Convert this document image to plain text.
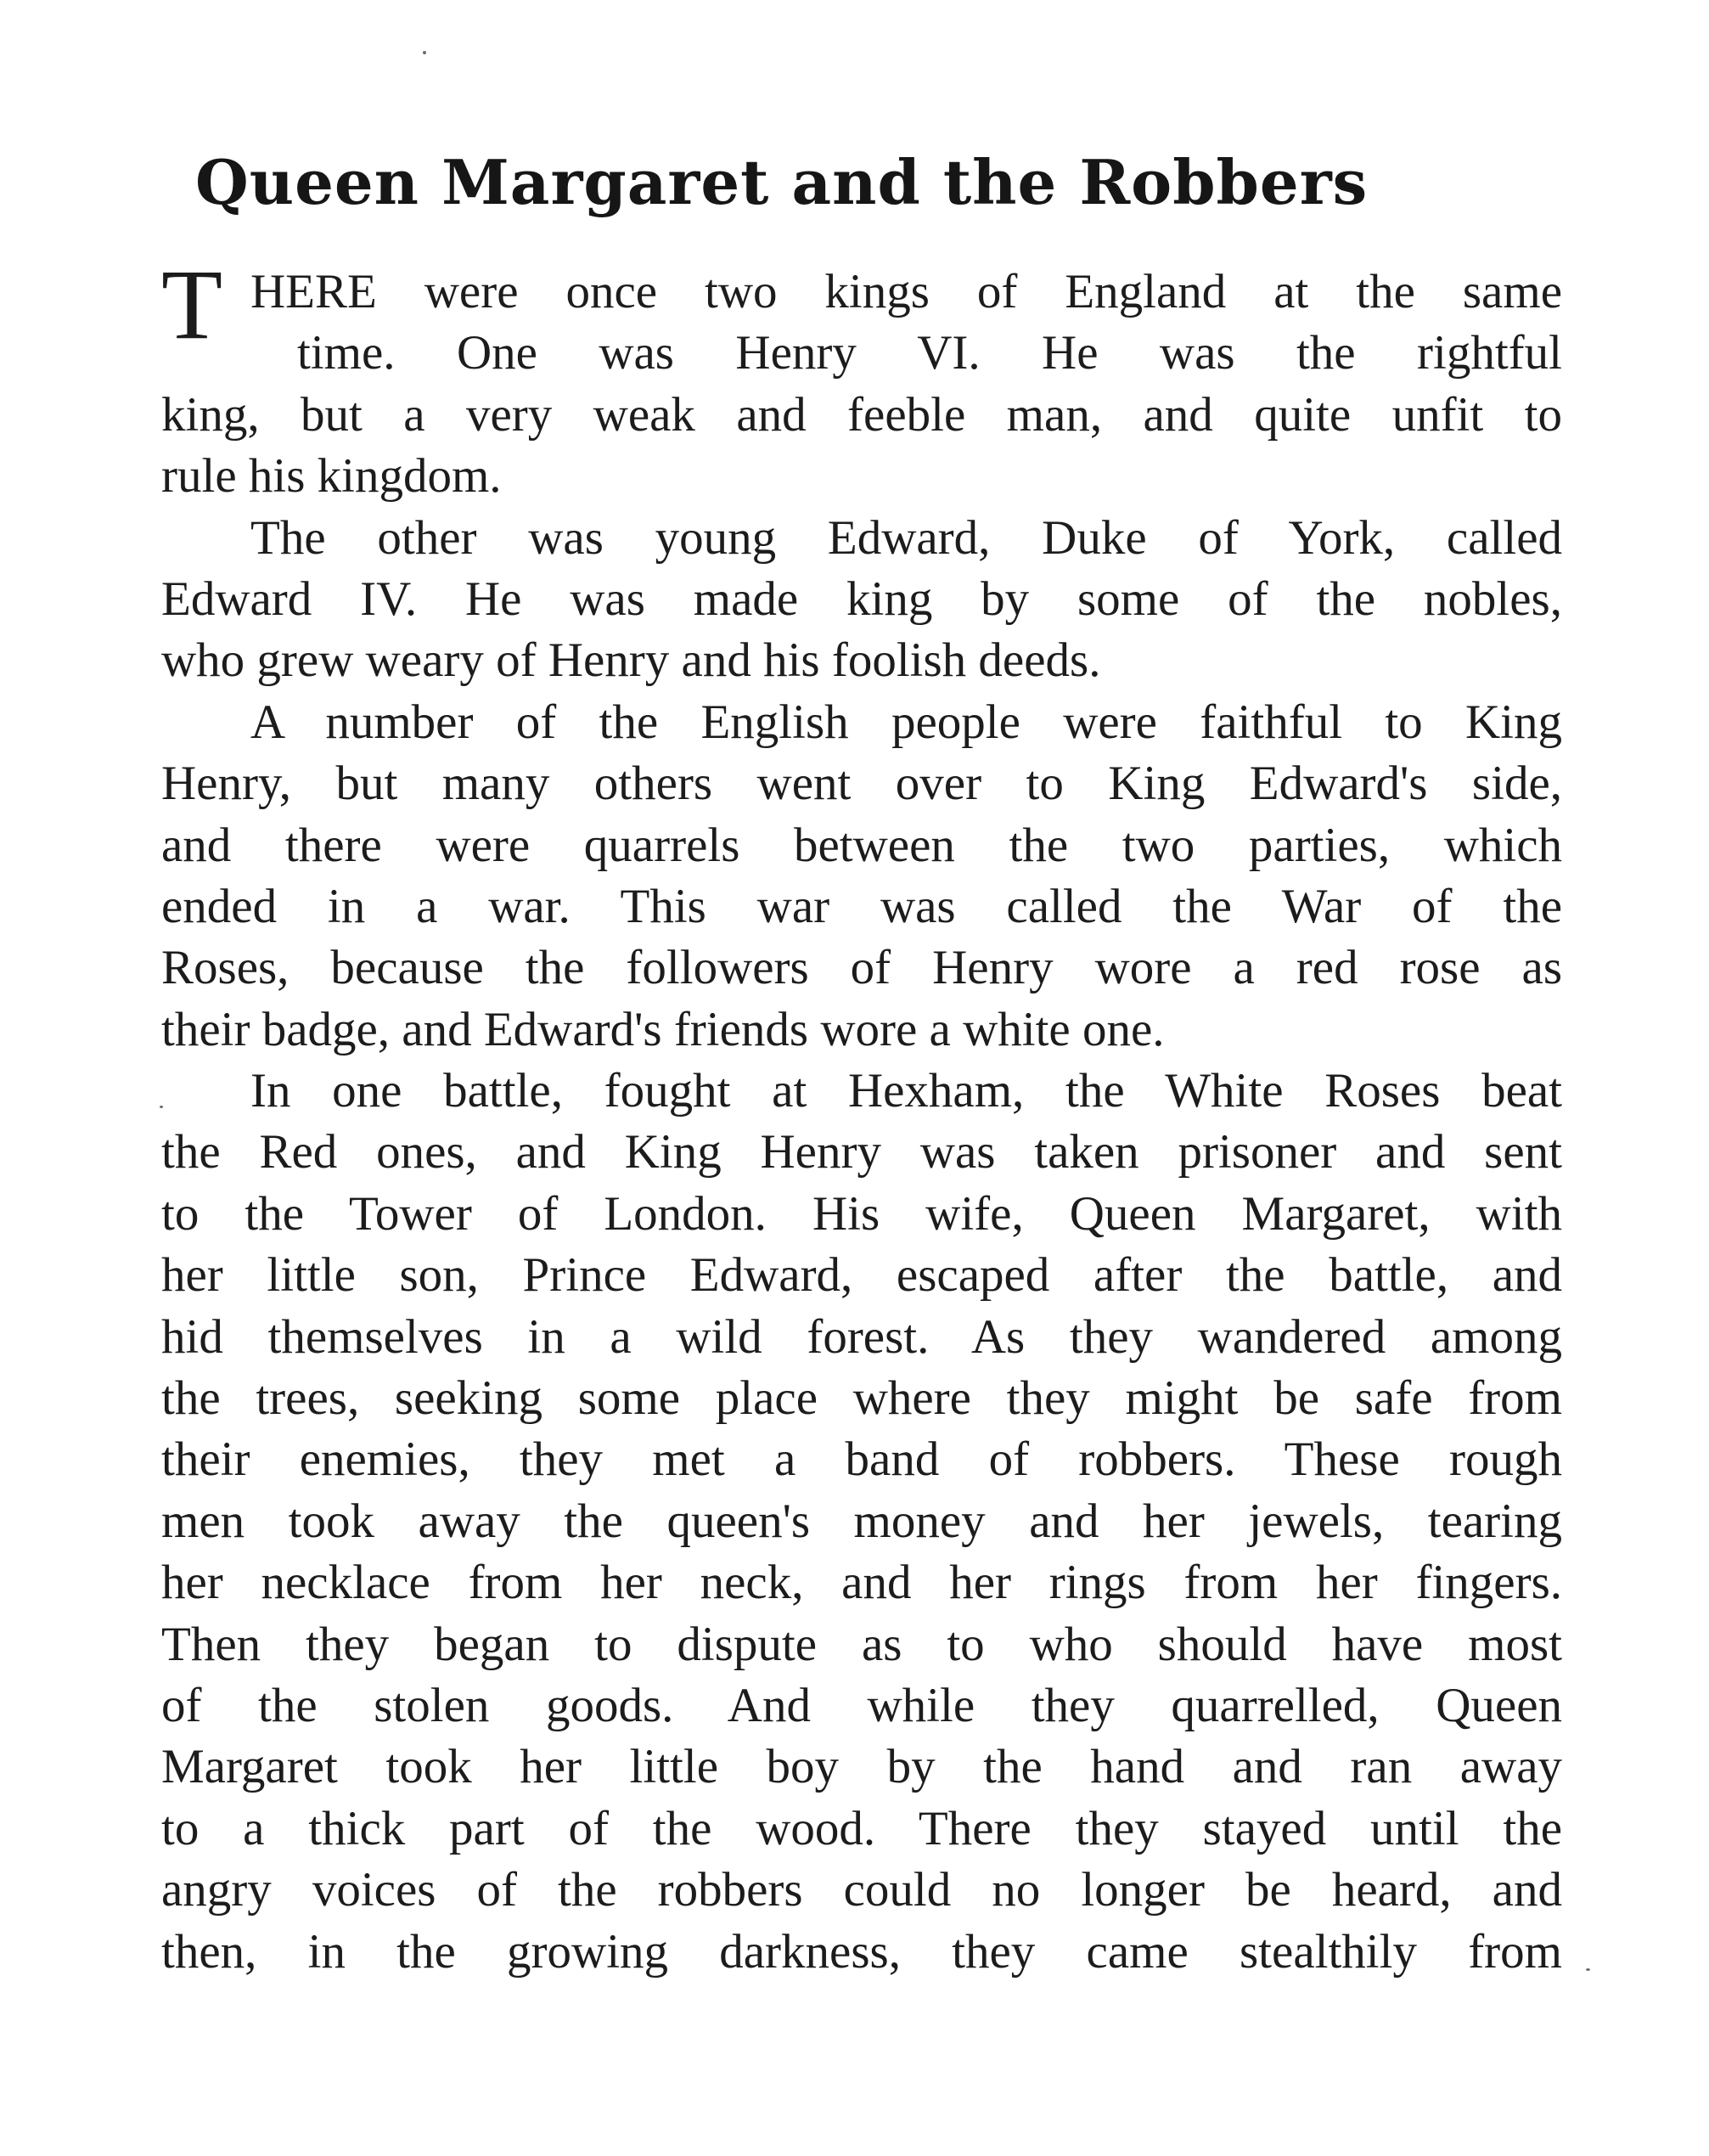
Queen Margaret and the Robbers
T HERE were once two kings of England at the same
time. One was Henry VI. He was the rightful
king, but a very weak and feeble man, and quite unfit to
rule his kingdom.
The other was young Edward, Duke of York, called
Edward IV. He was made king by some of the nobles,
who grew weary of Henry and his foolish deeds.
A number of the English people were faithful to King
Henry, but many others went over to King Edward's side,
and there were quarrels between the two parties, which
ended in a war. This war was called the War of the
Roses, because the followers of Henry wore a red rose as
their badge, and Edward's friends wore a white one.
In one battle, fought at Hexham, the White Roses beat
the Red ones, and King Henry was taken prisoner and sent
to the Tower of London. His wife, Queen Margaret, with
her little son, Prince Edward, escaped after the battle, and
hid themselves in a wild forest. As they wandered among
the trees, seeking some place where they might be safe from
their enemies, they met a band of robbers. These rough
men took away the queen's money and her jewels, tearing
her necklace from her neck, and her rings from her fingers.
Then they began to dispute as to who should have most
of the stolen goods. And while they quarrelled, Queen
Margaret took her little boy by the hand and ran away
to a thick part of the wood. There they stayed until the
angry voices of the robbers could no longer be heard, and
then, in the growing darkness, they came stealthily from
